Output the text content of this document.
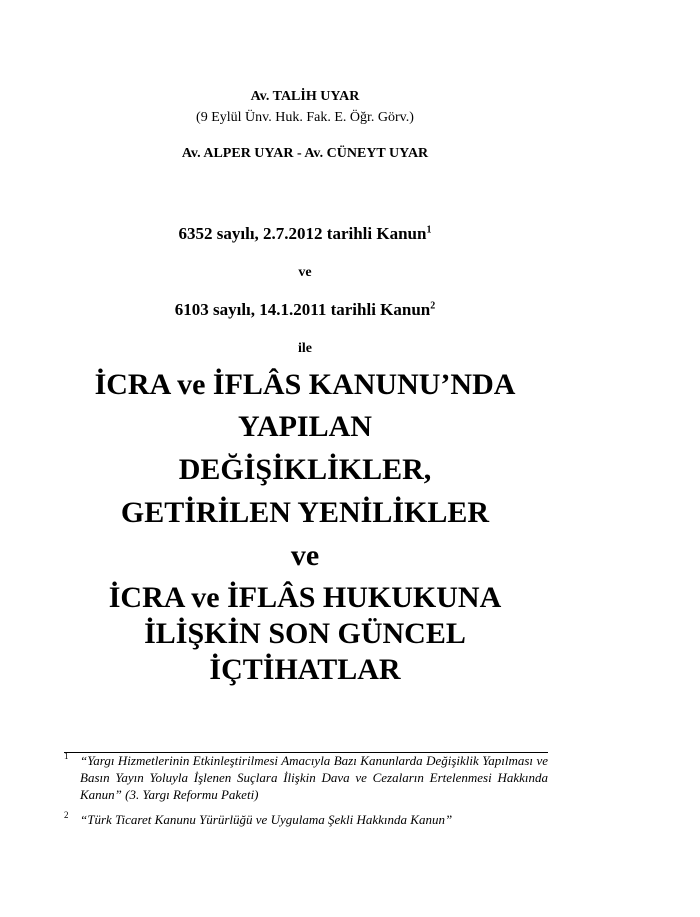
Av. TALİH UYAR
(9 Eylül Ünv. Huk. Fak. E. Öğr. Görv.)
Av. ALPER UYAR - Av. CÜNEYT UYAR
6352 sayılı, 2.7.2012 tarihli Kanun$^1$
ve
6103 sayılı, 14.1.2011 tarihli Kanun$^2$
ile
İCRA ve İFLÂS KANUNU’NDA
YAPILAN
DEĞİŞİKLİKLER,
GETİRİLEN YENİLİKLER
ve
İCRA ve İFLÂS HUKUKUNA
İLİŞKİN SON GÜNCEL
İÇTİHATLAR
1 “Yargı Hizmetlerinin Etkinleştirilmesi Amacıyla Bazı Kanunlarda Değişiklik Yapılması ve Basın Yayın Yoluyla İşlenen Suçlara İlişkin Dava ve Cezaların Ertelenmesi Hakkında Kanun” (3. Yargı Reformu Paketi)
2 “Türk Ticaret Kanunu Yürürlüğü ve Uygulama Şekli Hakkında Kanun”
